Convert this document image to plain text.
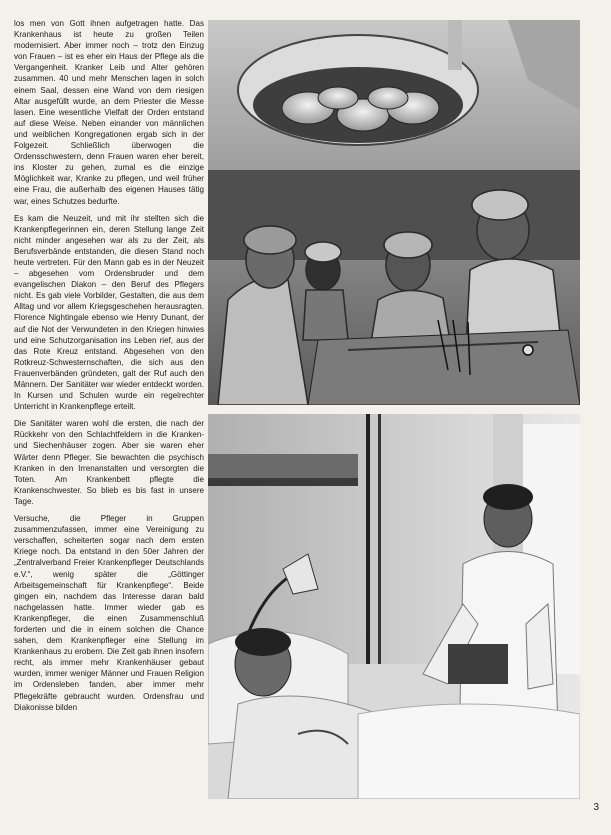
los men von Gott ihnen aufgetragen hatte. Das Krankenhaus ist heute zu großen Teilen modernisiert. Aber immer noch – trotz den Einzug von Frauen – ist es eher ein Haus der Pflege als die Vergangenheit. Kranker Leib und Alter gehören zusammen. 40 und mehr Menschen lagen in solch einem Saal, dessen eine Wand von dem riesigen Altar ausgefüllt wurde, an dem Priester die Messe lasen. Eine wesentliche Vielfalt der Orden entstand auf diese Weise. Neben einander von männlichen und weiblichen Kongregationen ergab sich in der Folgezeit. Schließlich überwogen die Ordensschwestern, denn Frauen waren eher bereit, ins Kloster zu gehen, zumal es die einzige Möglichkeit war, Kranke zu pflegen, und weil früher eine Frau, die außerhalb des eigenen Hauses tätig war, eines Schutzes bedurfte.

Es kam die Neuzeit, und mit ihr stellten sich die Krankenpflegerinnen ein, deren Stellung lange Zeit nicht minder angesehen war als zu der Zeit, als Berufsverbände entstanden, die diesen Stand noch heute vertreten. Für den Mann gab es in der Neuzeit – abgesehen vom Ordensbruder und dem evangelischen Diakon – den Beruf des Pflegers nicht. Es gab viele Vorbilder, Gestalten, die aus dem Alltag und vor allem Kriegsgeschehen herausragten. Florence Nightingale ebenso wie Henry Dunant, der auf die Not der Verwundeten in den Kriegen hinwies und eine Schutzorganisation ins Leben rief, aus der das Rote Kreuz entstand. Abgesehen von den Rotkreuz-Schwesternschaften, die sich aus den Frauenverbänden gründeten, galt der Ruf auch den Männern. Der Sanitäter war wieder entdeckt worden. In Kursen und Schulen wurde ein regelrechter Unterricht in Krankenpflege erteilt.

Die Sanitäter waren wohl die ersten, die nach der Rückkehr von den Schlachtfeldern in die Kranken- und Siechenhäuser zogen. Aber sie waren eher Wärter denn Pfleger. Sie bewachten die psychisch Kranken in den Irrenanstalten und versorgten die Toten. Am Krankenbett pflegte die Krankenschwester. So blieb es bis fast in unsere Tage.

Versuche, die Pfleger in Gruppen zusammenzufassen, immer eine Vereinigung zu verschaffen, scheiterten sogar nach dem ersten Kriege noch. Da entstand in den 50er Jahren der „Zentralverband Freier Krankenpfleger Deutschlands e.V.“, wenig später die „Göttinger Arbeitsgemeinschaft für Krankenpflege“. Beide gingen ein, nachdem das Interesse daran bald nachgelassen hatte. Immer wieder gab es Krankenpfleger, die einen Zusammenschluß forderten und die in einem solchen die Chance sahen, dem Krankenpfleger eine Stellung im Krankenhaus zu erobern. Die Zeit gab ihnen insofern recht, als immer mehr Krankenhäuser gebaut wurden, immer weniger Männer und Frauen Religion im Ordensleben fanden, aber immer mehr Pflegekräfte gebraucht wurden. Ordensfrau und Diakonisse bilden

3
